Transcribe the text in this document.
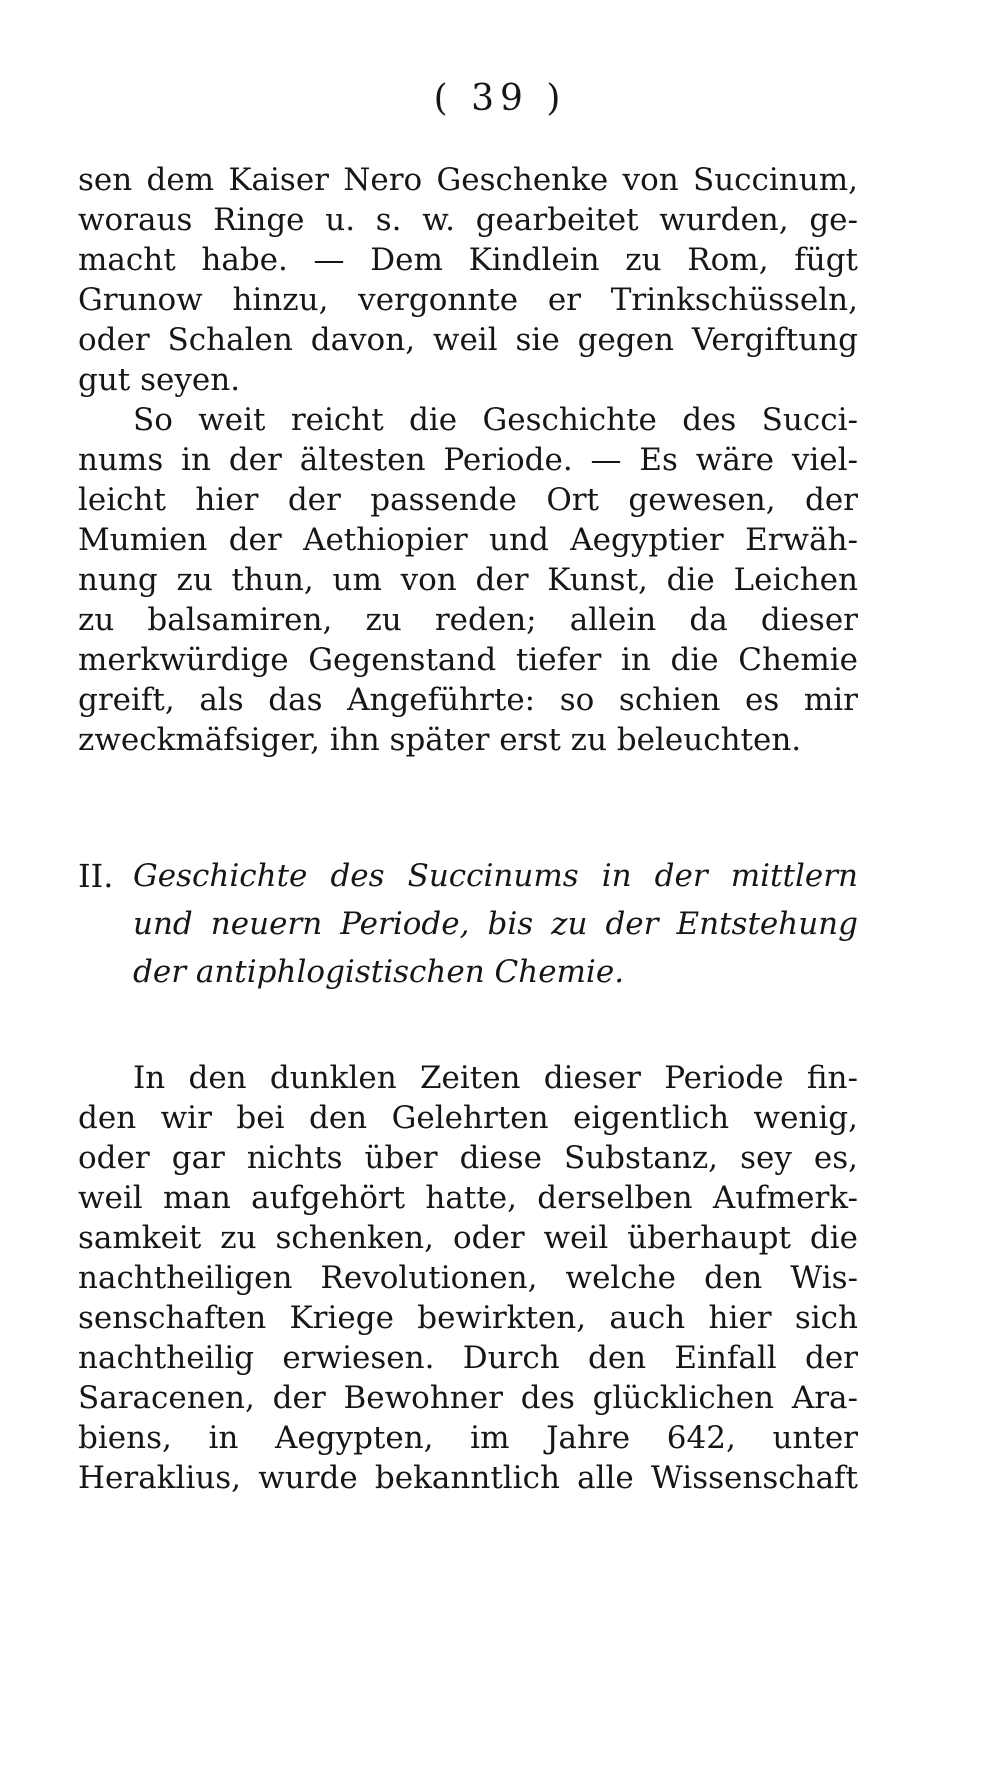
( 39 )
sen dem Kaiser Nero Geschenke von Succinum,
woraus Ringe u. s. w. gearbeitet wurden, ge-
macht habe. — Dem Kindlein zu Rom, fügt
Grunow hinzu, vergonnte er Trinkschüsseln,
oder Schalen davon, weil sie gegen Vergiftung
gut seyen.
So weit reicht die Geschichte des Succi-
nums in der ältesten Periode. — Es wäre viel-
leicht hier der passende Ort gewesen, der
Mumien der Aethiopier und Aegyptier Erwäh-
nung zu thun, um von der Kunst, die Leichen
zu balsamiren, zu reden; allein da dieser
merkwürdige Gegenstand tiefer in die Chemie
greift, als das Angeführte: so schien es mir
zweckmäfsiger, ihn später erst zu beleuchten.
II. Geschichte des Succinums in der mittlern
und neuern Periode, bis zu der Entstehung
der antiphlogistischen Chemie.
In den dunklen Zeiten dieser Periode fin-
den wir bei den Gelehrten eigentlich wenig,
oder gar nichts über diese Substanz, sey es,
weil man aufgehört hatte, derselben Aufmerk-
samkeit zu schenken, oder weil überhaupt die
nachtheiligen Revolutionen, welche den Wis-
senschaften Kriege bewirkten, auch hier sich
nachtheilig erwiesen. Durch den Einfall der
Saracenen, der Bewohner des glücklichen Ara-
biens, in Aegypten, im Jahre 642, unter
Heraklius, wurde bekanntlich alle Wissenschaft
